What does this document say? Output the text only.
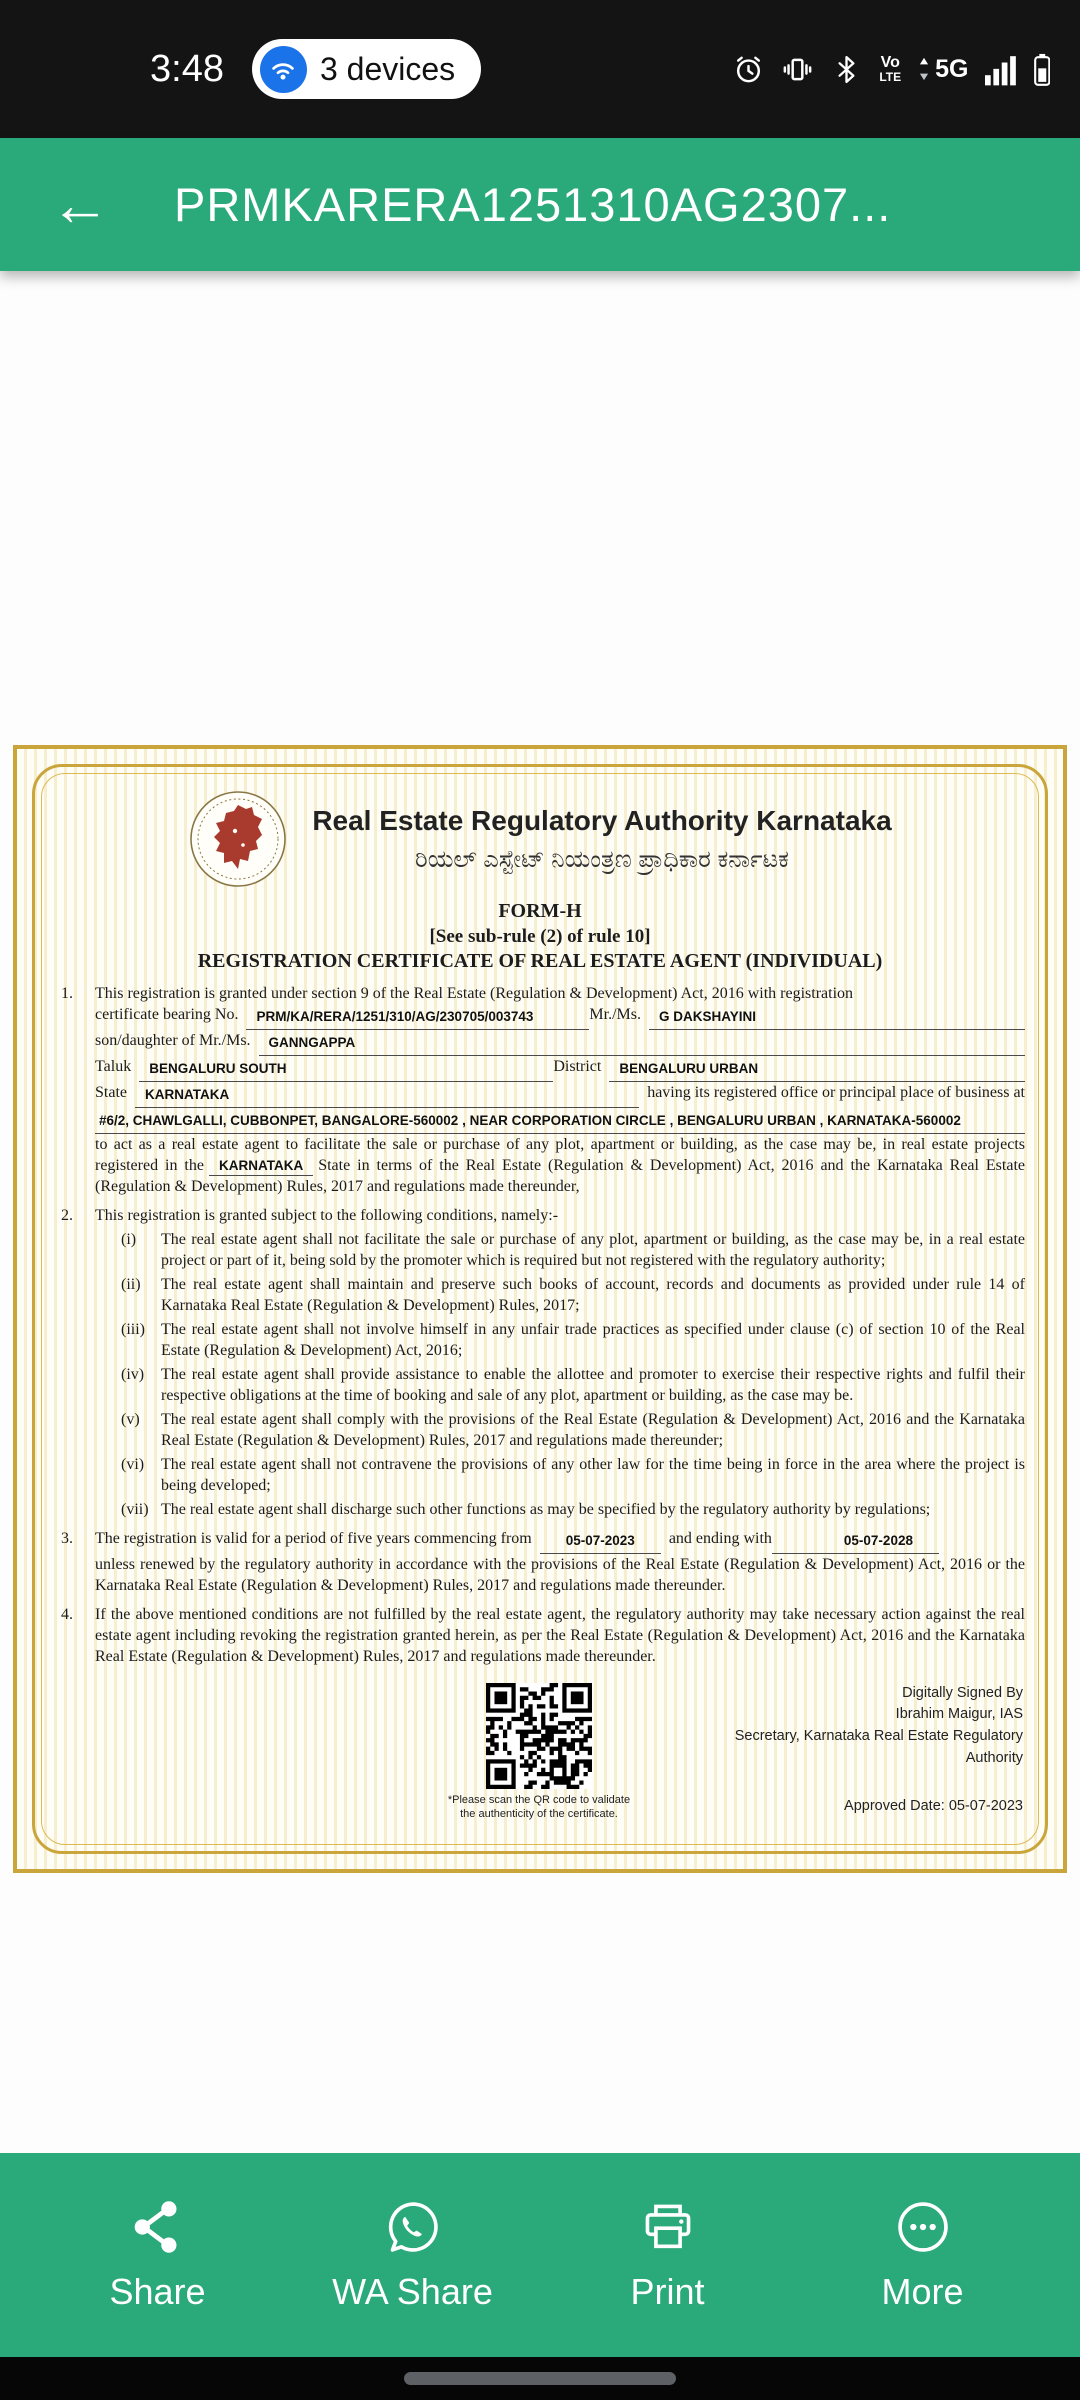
3:48	3 devices	Vo
LTE 5G
← PRMKARERA1251310AG2307...
Real Estate Regulatory Authority Karnataka
ರಿಯಲ್ ಎಸ್ಟೇಟ್ ನಿಯಂತ್ರಣ ಪ್ರಾಧಿಕಾರ ಕರ್ನಾಟಕ
FORM-H
[See sub-rule (2) of rule 10]
REGISTRATION CERTIFICATE OF REAL ESTATE AGENT (INDIVIDUAL)
1.	This registration is granted under section 9 of the Real Estate (Regulation & Development) Act, 2016 with registration
certificate bearing No.	PRM/KA/RERA/1251/310/AG/230705/003743	Mr./Ms.	G DAKSHAYINI
son/daughter of Mr./Ms.	GANNGAPPA
Taluk	BENGALURU SOUTH	District	BENGALURU URBAN
State	KARNATAKA	having its registered office or principal place of business at
#6/2, CHAWLGALLI, CUBBONPET, BANGALORE-560002 , NEAR CORPORATION CIRCLE , BENGALURU URBAN , KARNATAKA-560002
to act as a real estate agent to facilitate the sale or purchase of any plot, apartment or building, as the case may be, in real estate projects registered in the KARNATAKA State in terms of the Real Estate (Regulation & Development) Act, 2016 and the Karnataka Real Estate (Regulation & Development) Rules, 2017 and regulations made thereunder,
2.	This registration is granted subject to the following conditions, namely:-
(i)	The real estate agent shall not facilitate the sale or purchase of any plot, apartment or building, as the case may be, in a real estate project or part of it, being sold by the promoter which is required but not registered with the regulatory authority;
(ii)	The real estate agent shall maintain and preserve such books of account, records and documents as provided under rule 14 of Karnataka Real Estate (Regulation & Development) Rules, 2017;
(iii)	The real estate agent shall not involve himself in any unfair trade practices as specified under clause (c) of section 10 of the Real Estate (Regulation & Development) Act, 2016;
(iv)	The real estate agent shall provide assistance to enable the allottee and promoter to exercise their respective rights and fulfil their respective obligations at the time of booking and sale of any plot, apartment or building, as the case may be.
(v)	The real estate agent shall comply with the provisions of the Real Estate (Regulation & Development) Act, 2016 and the Karnataka Real Estate (Regulation & Development) Rules, 2017 and regulations made thereunder;
(vi)	The real estate agent shall not contravene the provisions of any other law for the time being in force in the area where the project is being developed;
(vii) The real estate agent shall discharge such other functions as may be specified by the regulatory authority by regulations;
3.	The registration is valid for a period of five years commencing from	05-07-2023	and ending with	05-07-2028
unless renewed by the regulatory authority in accordance with the provisions of the Real Estate (Regulation & Development) Act, 2016 or the Karnataka Real Estate (Regulation & Development) Rules, 2017 and regulations made thereunder.
4.	If the above mentioned conditions are not fulfilled by the real estate agent, the regulatory authority may take necessary action against the real estate agent including revoking the registration granted herein, as per the Real Estate (Regulation & Development) Act, 2016 and the Karnataka Real Estate (Regulation & Development) Rules, 2017 and regulations made thereunder.
*Please scan the QR code to validate
the authenticity of the certificate.
Digitally Signed By
Ibrahim Maigur, IAS
Secretary, Karnataka Real Estate Regulatory Authority
Approved Date: 05-07-2023
Share	WA Share	Print	More
